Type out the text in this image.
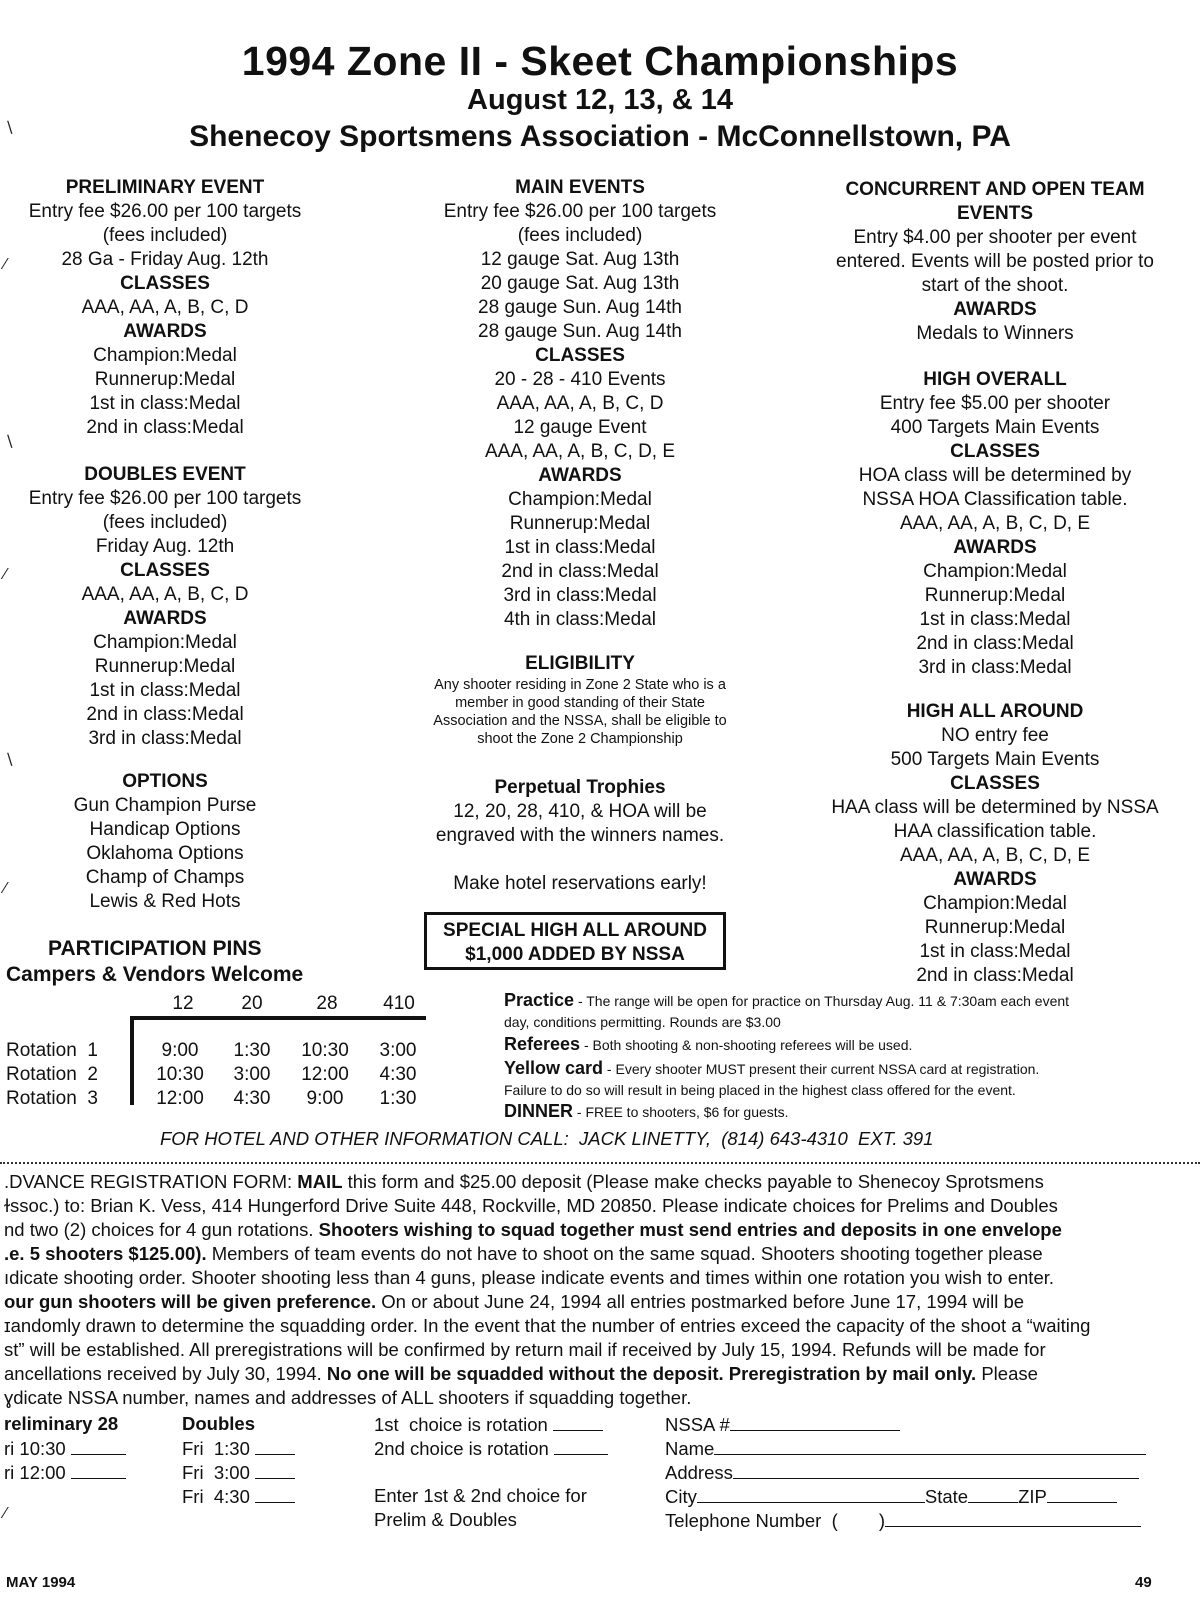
1994 Zone II - Skeet Championships
August 12, 13, & 14
Shenecoy Sportsmens Association - McConnellstown, PA
PRELIMINARY EVENT
Entry fee $26.00 per 100 targets
(fees included)
28 Ga - Friday Aug. 12th
CLASSES
AAA, AA, A, B, C, D
AWARDS
Champion:Medal
Runnerup:Medal
1st in class:Medal
2nd in class:Medal
DOUBLES EVENT
Entry fee $26.00 per 100 targets
(fees included)
Friday Aug. 12th
CLASSES
AAA, AA, A, B, C, D
AWARDS
Champion:Medal
Runnerup:Medal
1st in class:Medal
2nd in class:Medal
3rd in class:Medal
OPTIONS
Gun Champion Purse
Handicap Options
Oklahoma Options
Champ of Champs
Lewis & Red Hots
PARTICIPATION PINS
Campers & Vendors Welcome
12	20	28 410
Rotation  1	9:00	1:30	10:30	3:00
Rotation  2	10:30	3:00	12:00	4:30
Rotation  3	12:00	4:30	9:00	1:30
MAIN EVENTS
Entry fee $26.00 per 100 targets
(fees included)
12 gauge Sat. Aug 13th
20 gauge Sat. Aug 13th
28 gauge Sun. Aug 14th
28 gauge Sun. Aug 14th
CLASSES
20 - 28 - 410 Events
AAA, AA, A, B, C, D
12 gauge Event
AAA, AA, A, B, C, D, E
AWARDS
Champion:Medal
Runnerup:Medal
1st in class:Medal
2nd in class:Medal
3rd in class:Medal
4th in class:Medal
ELIGIBILITY
Any shooter residing in Zone 2 State who is a
member in good standing of their State
Association and the NSSA, shall be eligible to
shoot the Zone 2 Championship
Perpetual Trophies
12, 20, 28, 410, & HOA will be
engraved with the winners names.
Make hotel reservations early!
SPECIAL HIGH ALL AROUND
$1,000 ADDED BY NSSA
CONCURRENT AND OPEN TEAM
EVENTS
Entry $4.00 per shooter per event
entered. Events will be posted prior to
start of the shoot.
AWARDS
Medals to Winners
HIGH OVERALL
Entry fee $5.00 per shooter
400 Targets Main Events
CLASSES
HOA class will be determined by
NSSA HOA Classification table.
AAA, AA, A, B, C, D, E
AWARDS
Champion:Medal
Runnerup:Medal
1st in class:Medal
2nd in class:Medal
3rd in class:Medal
HIGH ALL AROUND
NO entry fee
500 Targets Main Events
CLASSES
HAA class will be determined by NSSA
HAA classification table.
AAA, AA, A, B, C, D, E
AWARDS
Champion:Medal
Runnerup:Medal
1st in class:Medal
2nd in class:Medal
Practice - The range will be open for practice on Thursday Aug. 11 & 7:30am each event
day, conditions permitting. Rounds are $3.00
Referees - Both shooting & non-shooting referees will be used.
Yellow card - Every shooter MUST present their current NSSA card at registration.
Failure to do so will result in being placed in the highest class offered for the event.
DINNER - FREE to shooters, $6 for guests.
FOR HOTEL AND OTHER INFORMATION CALL:  JACK LINETTY,  (814) 643-4310  EXT. 391
.DVANCE REGISTRATION FORM: MAIL this form and $25.00 deposit (Please make checks payable to Shenecoy Sprotsmens
ɫssoc.) to: Brian K. Vess, 414 Hungerford Drive Suite 448, Rockville, MD 20850. Please indicate choices for Prelims and Doubles
nd two (2) choices for 4 gun rotations. Shooters wishing to squad together must send entries and deposits in one envelope
.e. 5 shooters $125.00). Members of team events do not have to shoot on the same squad. Shooters shooting together please
ıdicate shooting order. Shooter shooting less than 4 guns, please indicate events and times within one rotation you wish to enter.
our gun shooters will be given preference. On or about June 24, 1994 all entries postmarked before June 17, 1994 will be
ɪandomly drawn to determine the squadding order. In the event that the number of entries exceed the capacity of the shoot a “waiting
st” will be established. All preregistrations will be confirmed by return mail if received by July 15, 1994. Refunds will be made for
ancellations received by July 30, 1994. No one will be squadded without the deposit. Preregistration by mail only. Please
ɣdicate NSSA number, names and addresses of ALL shooters if squadding together.
reliminary 28
ri 10:30
ri 12:00
Doubles
Fri  1:30
Fri  3:00
Fri  4:30
1st  choice is rotation
2nd choice is rotation
Enter 1st & 2nd choice for
Prelim & Doubles
NSSA #
Name
Address
City	State	ZIP
Telephone Number  (        )
MAY 1994	49
∖
∕
∖
∕
∖
∕
∕
